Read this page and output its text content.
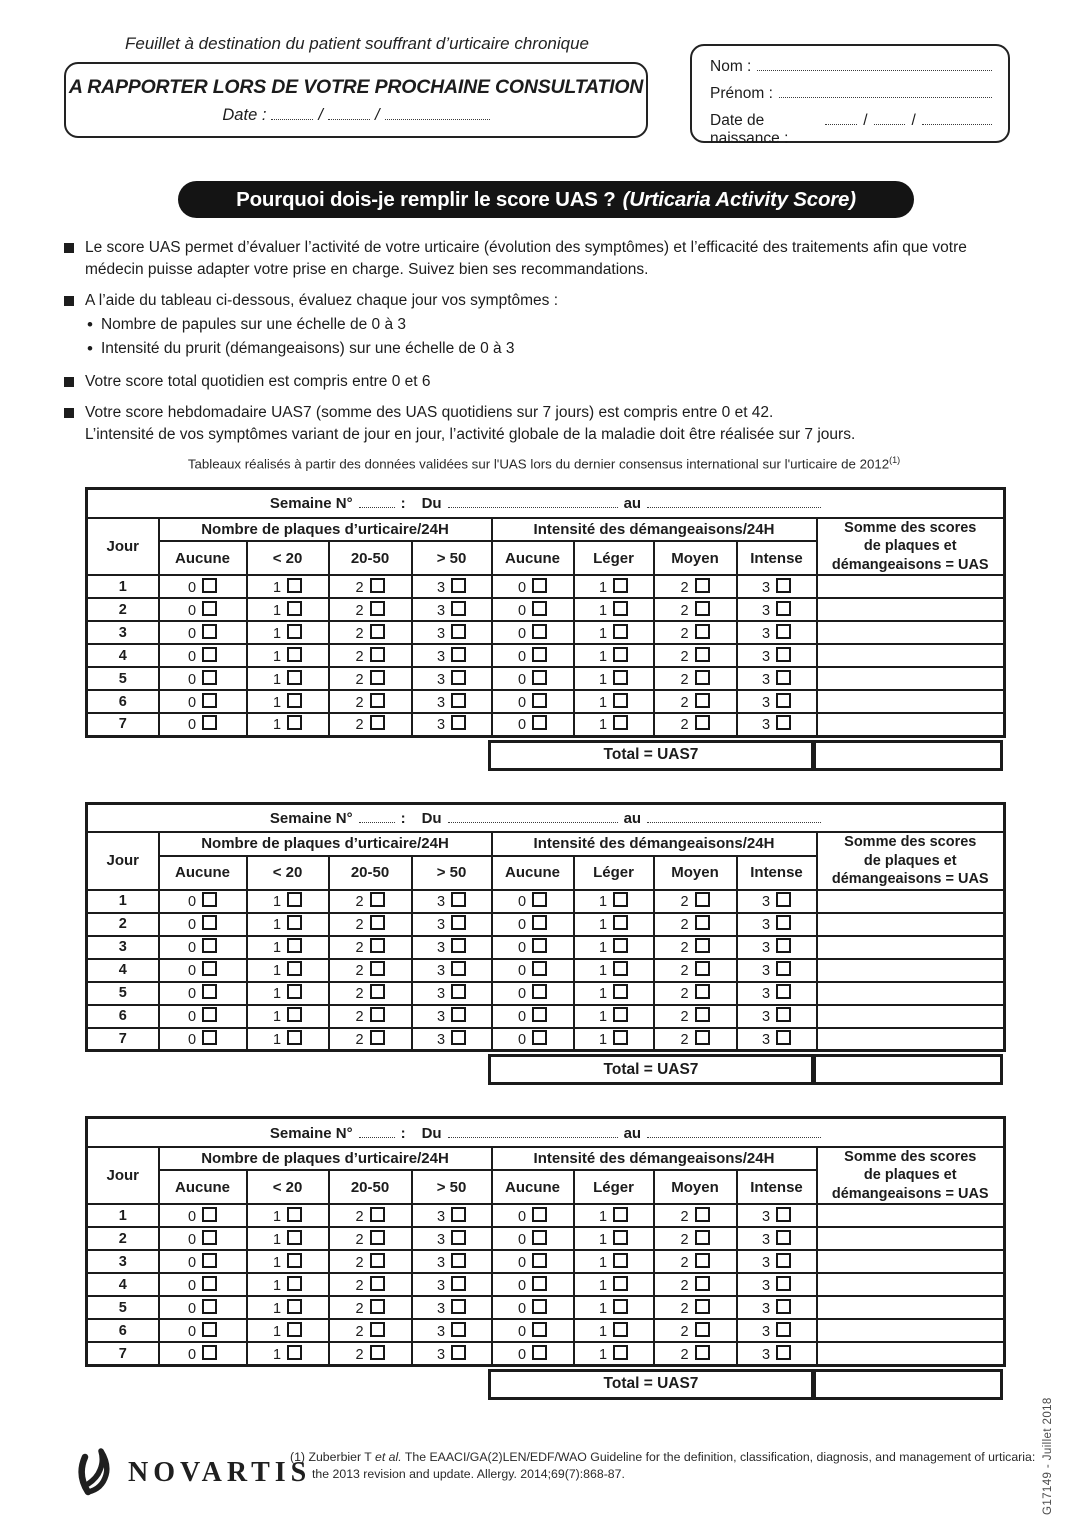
Feuillet à destination du patient souffrant d’urticaire chronique
A RAPPORTER LORS DE VOTRE PROCHAINE CONSULTATION
Date :	/	/
Nom :
Prénom :
Date de naissance :
/	/
Pourquoi dois-je remplir le score UAS ? (Urticaria Activity Score)
Le score UAS permet d’évaluer l’activité de votre urticaire (évolution des symptômes) et l’efficacité des traitements afin que votre
médecin puisse adapter votre prise en charge. Suivez bien ses recommandations.
A l’aide du tableau ci-dessous, évaluez chaque jour vos symptômes :
• Nombre de papules sur une échelle de 0 à 3
• Intensité du prurit (démangeaisons) sur une échelle de 0 à 3
Votre score total quotidien est compris entre 0 et 6
Votre score hebdomadaire UAS7 (somme des UAS quotidiens sur 7 jours) est compris entre 0 et 42.
L’intensité de vos symptômes variant de jour en jour, l’activité globale de la maladie doit être réalisée sur 7 jours.
Tableaux réalisés à partir des données validées sur l'UAS lors du dernier consensus international sur l'urticaire de 2012$^{(1)}$
Semaine N° : Du au									

Jour	Nombre de plaques d’urticaire/24H				Intensité des démangeaisons/24H				Somme des scores
de plaques et
démangeaisons = UAS

	Aucune	< 20	20-50	> 50	Aucune	Léger	Moyen	Intense	
1	0	1	2	3	0	1	2	3	
2	0	1	2	3	0	1	2	3	
3	0	1	2	3	0	1	2	3	
4	0	1	2	3	0	1	2	3	
5	0	1	2	3	0	1	2	3	
6	0	1	2	3	0	1	2	3	
7	0	1	2	3	0	1	2	3	
Total = UAS7
Semaine N° : Du au									

Jour	Nombre de plaques d’urticaire/24H				Intensité des démangeaisons/24H				Somme des scores
de plaques et
démangeaisons = UAS

	Aucune	< 20	20-50	> 50	Aucune	Léger	Moyen	Intense	
1	0	1	2	3	0	1	2	3	
2	0	1	2	3	0	1	2	3	
3	0	1	2	3	0	1	2	3	
4	0	1	2	3	0	1	2	3	
5	0	1	2	3	0	1	2	3	
6	0	1	2	3	0	1	2	3	
7	0	1	2	3	0	1	2	3	
Total = UAS7
Semaine N° : Du au									

Jour	Nombre de plaques d’urticaire/24H				Intensité des démangeaisons/24H				Somme des scores
de plaques et
démangeaisons = UAS

	Aucune	< 20	20-50	> 50	Aucune	Léger	Moyen	Intense	
1	0	1	2	3	0	1	2	3	
2	0	1	2	3	0	1	2	3	
3	0	1	2	3	0	1	2	3	
4	0	1	2	3	0	1	2	3	
5	0	1	2	3	0	1	2	3	
6	0	1	2	3	0	1	2	3	
7	0	1	2	3	0	1	2	3	
Total = UAS7
NOVARTIS
(1) Zuberbier T et al. The EAACI/GA(2)LEN/EDF/WAO Guideline for the definition, classification, diagnosis, and management of urticaria:
the 2013 revision and update. Allergy. 2014;69(7):868-87.	G17149 - Juillet 2018
